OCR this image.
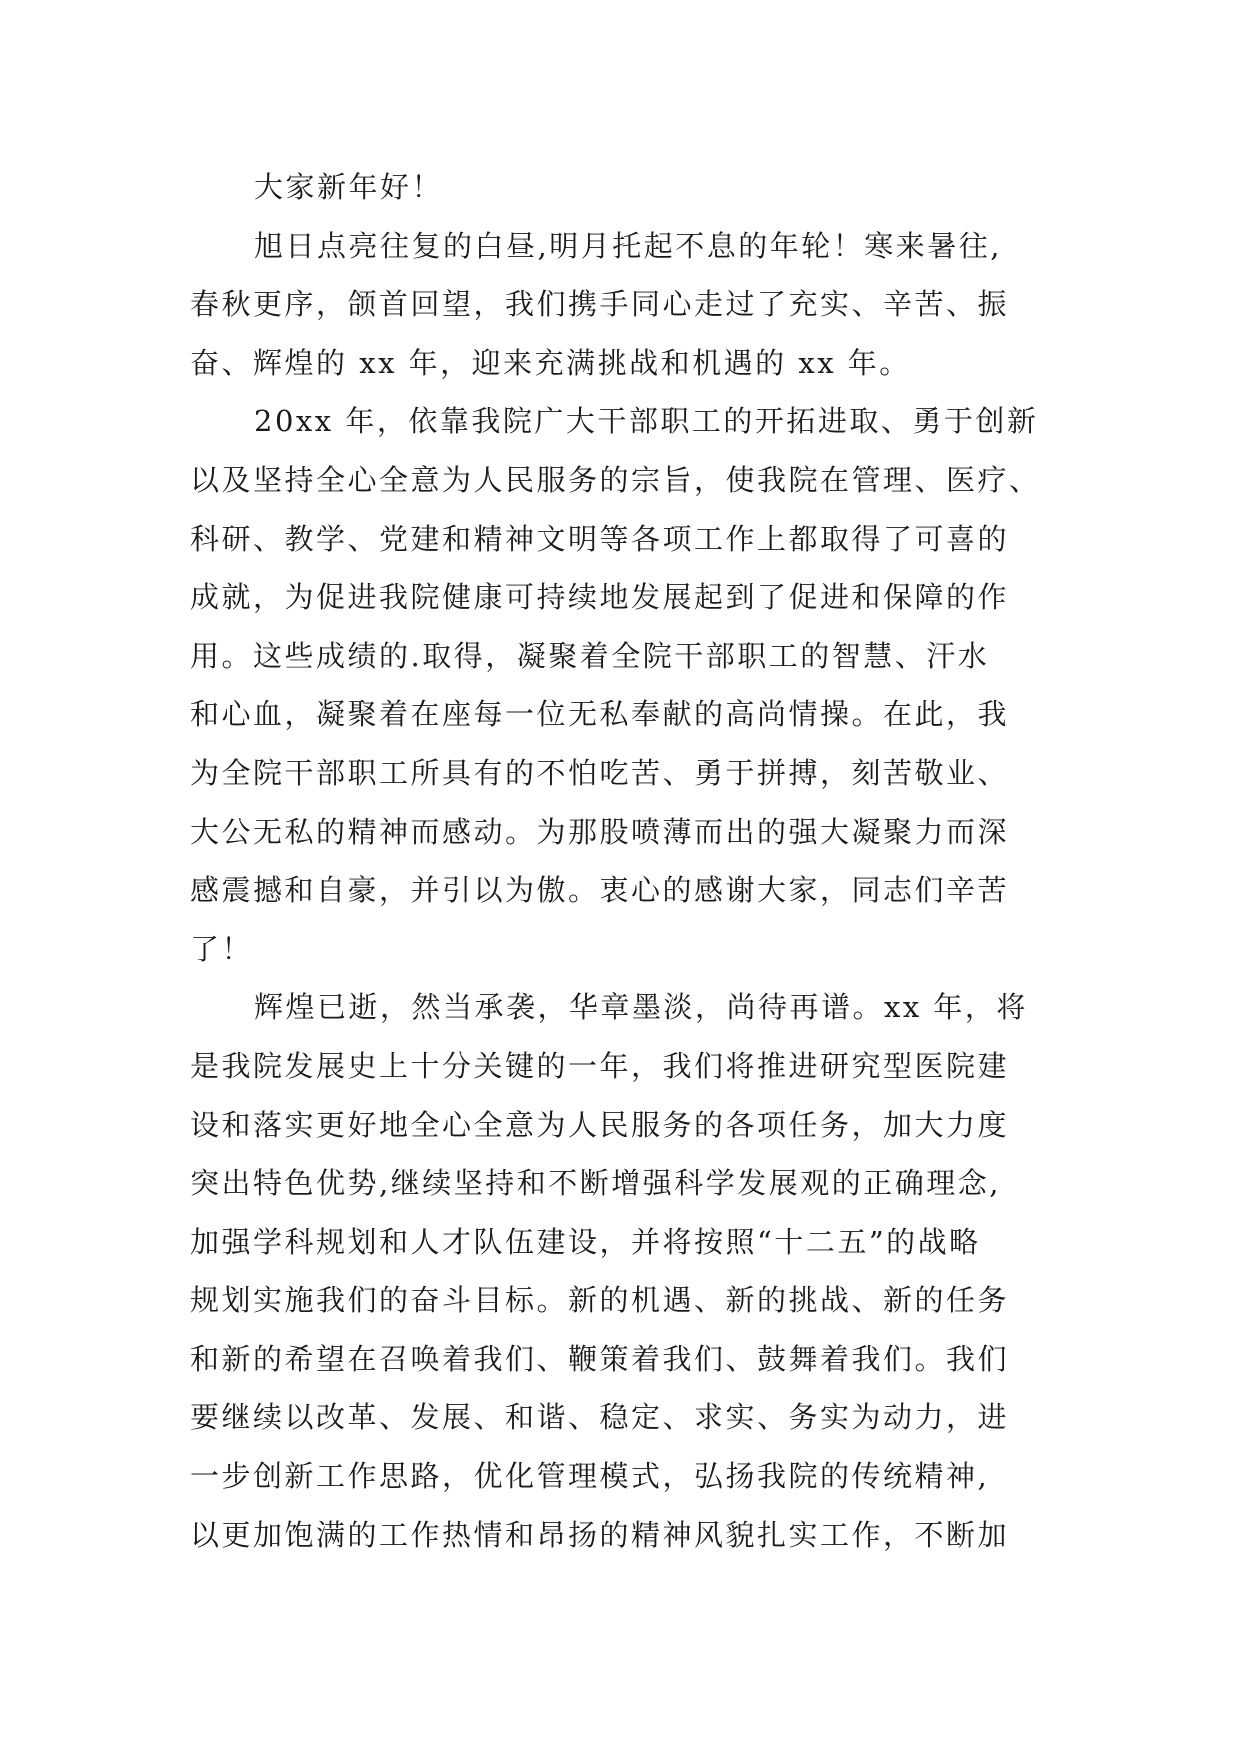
大家新年好！
旭日点亮往复的白昼,明月托起不息的年轮！寒来暑往,
春秋更序，颌首回望，我们携手同心走过了充实、辛苦、振
奋、辉煌的 xx 年，迎来充满挑战和机遇的 xx 年。
20xx 年，依靠我院广大干部职工的开拓进取、勇于创新
以及坚持全心全意为人民服务的宗旨，使我院在管理、医疗、
科研、教学、党建和精神文明等各项工作上都取得了可喜的
成就，为促进我院健康可持续地发展起到了促进和保障的作
用。这些成绩的.取得，凝聚着全院干部职工的智慧、汗水
和心血，凝聚着在座每一位无私奉献的高尚情操。在此，我
为全院干部职工所具有的不怕吃苦、勇于拼搏，刻苦敬业、
大公无私的精神而感动。为那股喷薄而出的强大凝聚力而深
感震撼和自豪，并引以为傲。衷心的感谢大家，同志们辛苦
了！
辉煌已逝，然当承袭，华章墨淡，尚待再谱。xx 年，将
是我院发展史上十分关键的一年，我们将推进研究型医院建
设和落实更好地全心全意为人民服务的各项任务，加大力度
突出特色优势,继续坚持和不断增强科学发展观的正确理念,
加强学科规划和人才队伍建设，并将按照“十二五”的战略
规划实施我们的奋斗目标。新的机遇、新的挑战、新的任务
和新的希望在召唤着我们、鞭策着我们、鼓舞着我们。我们
要继续以改革、发展、和谐、稳定、求实、务实为动力，进
一步创新工作思路，优化管理模式，弘扬我院的传统精神,
以更加饱满的工作热情和昂扬的精神风貌扎实工作，不断加
